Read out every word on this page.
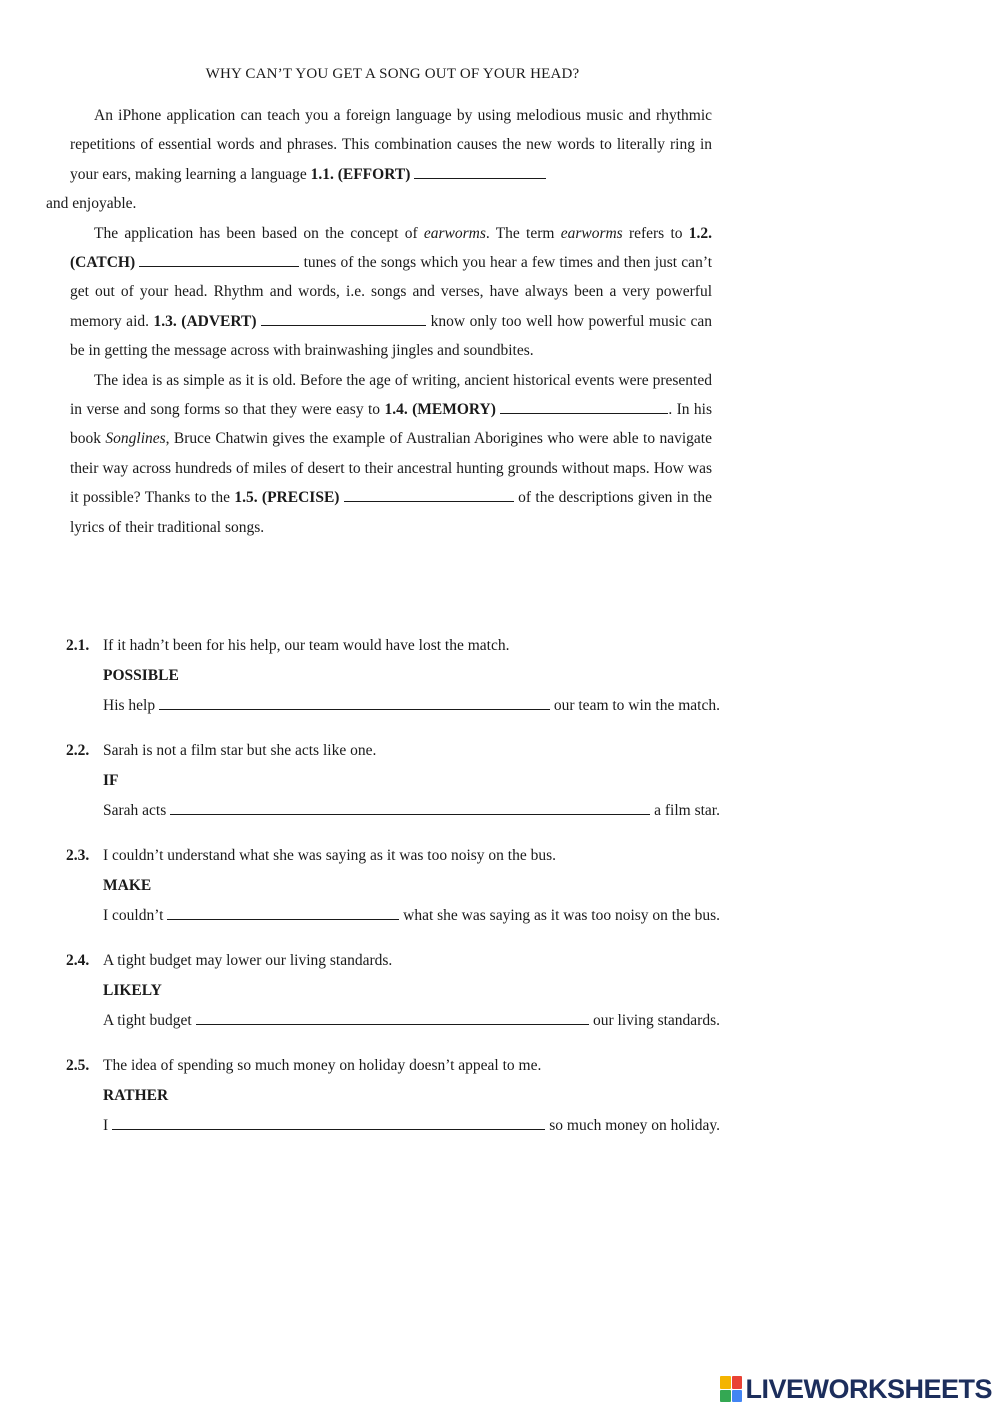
WHY CAN’T YOU GET A SONG OUT OF YOUR HEAD?

An iPhone application can teach you a foreign language by using melodious music and rhythmic repetitions of essential words and phrases. This combination causes the new words to literally ring in your ears, making learning a language 1.1. (EFFORT)
and enjoyable.

The application has been based on the concept of earworms. The term earworms refers to 1.2. (CATCH)	tunes of the songs which you hear a few times and then just can’t get out of your head. Rhythm and words, i.e. songs and verses, have always been a very powerful memory aid. 1.3. (ADVERT)	know only too well how powerful music can be in getting the message across with brainwashing jingles and soundbites.

The idea is as simple as it is old. Before the age of writing, ancient historical events were presented in verse and song forms so that they were easy to 1.4. (MEMORY)	. In his book Songlines, Bruce Chatwin gives the example of Australian Aborigines who were able to navigate their way across hundreds of miles of desert to their ancestral hunting grounds without maps. How was it possible? Thanks to the 1.5. (PRECISE)	of the descriptions given in the lyrics of their traditional songs.

2.1. If it hadn’t been for his help, our team would have lost the match.
POSSIBLE
His help	our team to win the match.
2.2. Sarah is not a film star but she acts like one.
IF
Sarah acts	a film star.
2.3. I couldn’t understand what she was saying as it was too noisy on the bus.
MAKE
I couldn’t	what she was saying as it was too noisy on the bus.
2.4. A tight budget may lower our living standards.
LIKELY
A tight budget	our living standards.
2.5. The idea of spending so much money on holiday doesn’t appeal to me.
RATHER
I	so much money on holiday.
LIVEWORKSHEETS
